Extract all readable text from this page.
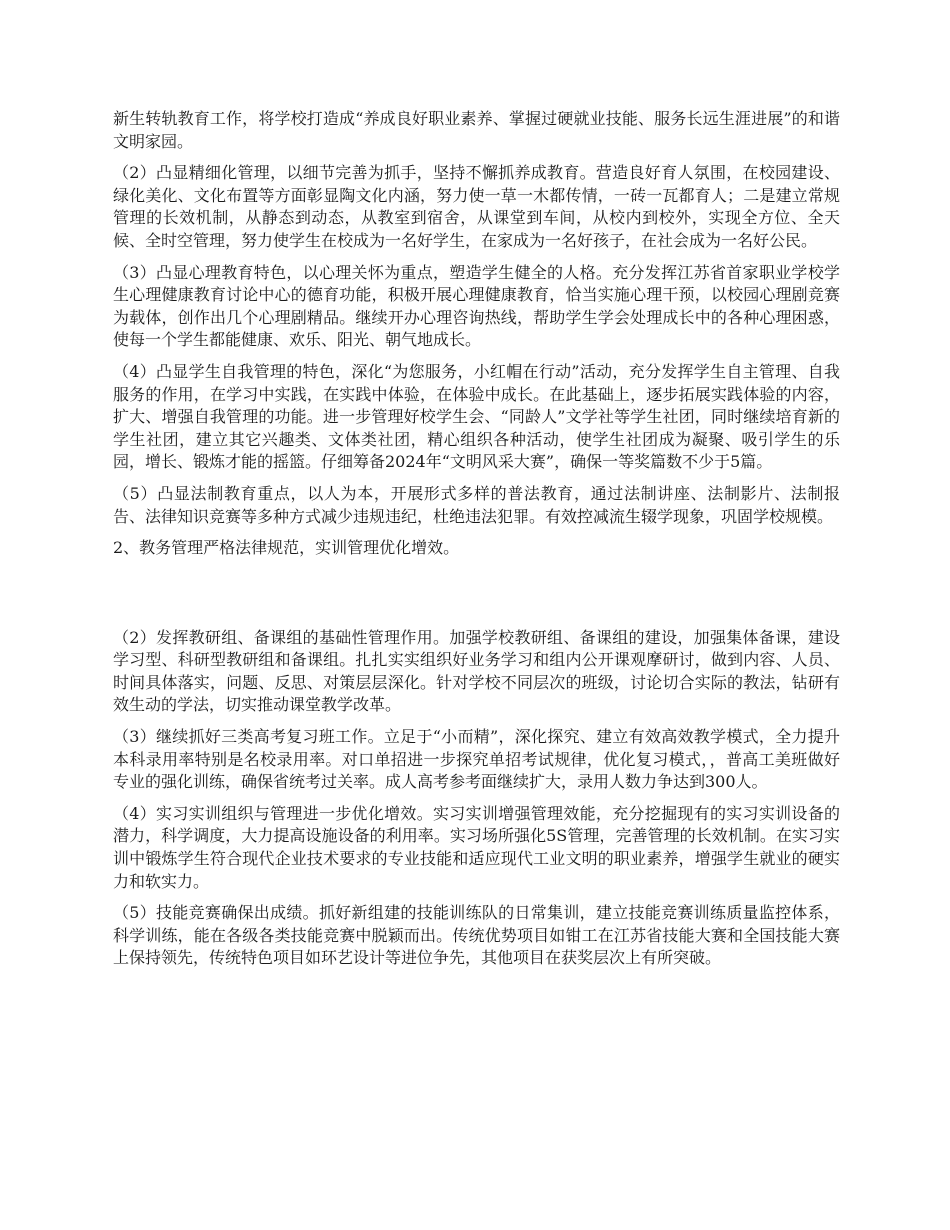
新生转轨教育工作，将学校打造成“养成良好职业素养、掌握过硬就业技能、服务长远生涯进展”的和谐文明家园。

（2）凸显精细化管理，以细节完善为抓手，坚持不懈抓养成教育。营造良好育人氛围，在校园建设、绿化美化、文化布置等方面彰显陶文化内涵，努力使一草一木都传情，一砖一瓦都育人；二是建立常规管理的长效机制，从静态到动态，从教室到宿舍，从课堂到车间，从校内到校外，实现全方位、全天候、全时空管理，努力使学生在校成为一名好学生，在家成为一名好孩子，在社会成为一名好公民。

（3）凸显心理教育特色，以心理关怀为重点，塑造学生健全的人格。充分发挥江苏省首家职业学校学生心理健康教育讨论中心的德育功能，积极开展心理健康教育，恰当实施心理干预，以校园心理剧竞赛为载体，创作出几个心理剧精品。继续开办心理咨询热线，帮助学生学会处理成长中的各种心理困惑，使每一个学生都能健康、欢乐、阳光、朝气地成长。

（4）凸显学生自我管理的特色，深化“为您服务，小红帽在行动”活动，充分发挥学生自主管理、自我服务的作用，在学习中实践，在实践中体验，在体验中成长。在此基础上，逐步拓展实践体验的内容，扩大、增强自我管理的功能。进一步管理好校学生会、“同龄人”文学社等学生社团，同时继续培育新的学生社团，建立其它兴趣类、文体类社团，精心组织各种活动，使学生社团成为凝聚、吸引学生的乐园，增长、锻炼才能的摇篮。仔细筹备2024年“文明风采大赛”，确保一等奖篇数不少于5篇。

（5）凸显法制教育重点，以人为本，开展形式多样的普法教育，通过法制讲座、法制影片、法制报告、法律知识竞赛等多种方式减少违规违纪，杜绝违法犯罪。有效控减流生辍学现象，巩固学校规模。

2、教务管理严格法律规范，实训管理优化增效。

（2）发挥教研组、备课组的基础性管理作用。加强学校教研组、备课组的建设，加强集体备课，建设学习型、科研型教研组和备课组。扎扎实实组织好业务学习和组内公开课观摩研讨，做到内容、人员、时间具体落实，问题、反思、对策层层深化。针对学校不同层次的班级，讨论切合实际的教法，钻研有效生动的学法，切实推动课堂教学改革。

（3）继续抓好三类高考复习班工作。立足于“小而精”，深化探究、建立有效高效教学模式，全力提升本科录用率特别是名校录用率。对口单招进一步探究单招考试规律，优化复习模式，，普高工美班做好专业的强化训练，确保省统考过关率。成人高考参考面继续扩大，录用人数力争达到300人。

（4）实习实训组织与管理进一步优化增效。实习实训增强管理效能，充分挖掘现有的实习实训设备的潜力，科学调度，大力提高设施设备的利用率。实习场所强化5S管理，完善管理的长效机制。在实习实训中锻炼学生符合现代企业技术要求的专业技能和适应现代工业文明的职业素养，增强学生就业的硬实力和软实力。

（5）技能竞赛确保出成绩。抓好新组建的技能训练队的日常集训，建立技能竞赛训练质量监控体系，科学训练，能在各级各类技能竞赛中脱颖而出。传统优势项目如钳工在江苏省技能大赛和全国技能大赛上保持领先，传统特色项目如环艺设计等进位争先，其他项目在获奖层次上有所突破。
